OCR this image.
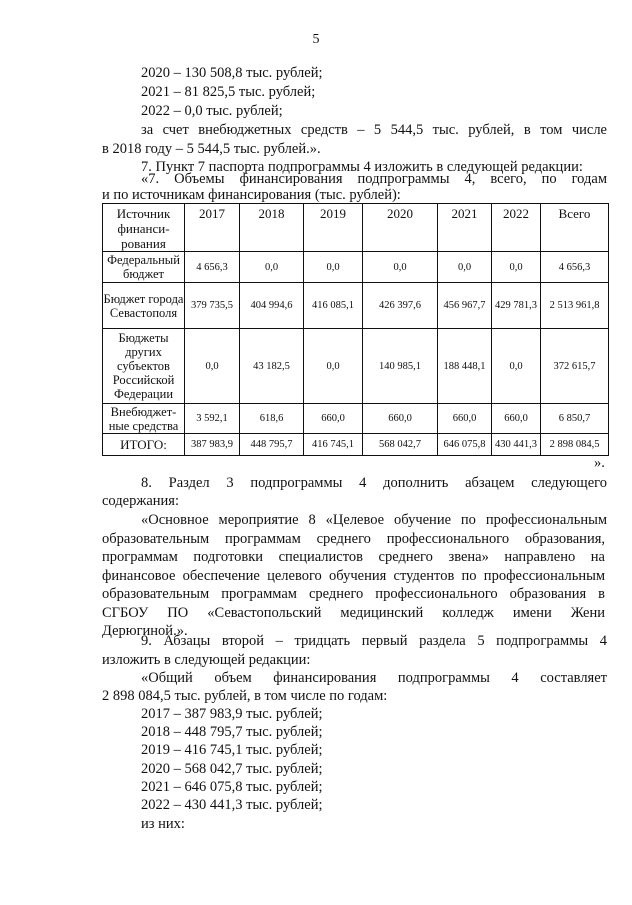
5
2020 – 130 508,8 тыс. рублей;
2021 – 81 825,5 тыс. рублей;
2022 – 0,0 тыс. рублей;
за счет внебюджетных средств – 5 544,5 тыс. рублей, в том числе
в 2018 году – 5 544,5 тыс. рублей.».
7. Пункт 7 паспорта подпрограммы 4 изложить в следующей редакции:
«7. Объемы финансирования подпрограммы 4, всего, по годам
и по источникам финансирования (тыс. рублей):
Источник финанси-рования	2017	2018	2019	2020	2021	2022	Всего
Федеральный бюджет	4 656,3	0,0	0,0	0,0	0,0	0,0	4 656,3
Бюджет города Севастополя	379 735,5	404 994,6	416 085,1	426 397,6	456 967,7	429 781,3	2 513 961,8
Бюджеты других субъектов Российской Федерации	0,0	43 182,5	0,0	140 985,1	188 448,1	0,0	372 615,7
Внебюджет-ные средства	3 592,1	618,6	660,0	660,0	660,0	660,0	6 850,7
ИТОГО:	387 983,9	448 795,7	416 745,1	568 042,7	646 075,8	430 441,3	2 898 084,5
».
8. Раздел 3 подпрограммы 4 дополнить абзацем следующего
содержания:
«Основное мероприятие 8 «Целевое обучение по профессиональным
образовательным программам среднего профессионального образования,
программам подготовки специалистов среднего звена» направлено на
финансовое обеспечение целевого обучения студентов по профессиональным
образовательным программам среднего профессионального образования в
СГБОУ ПО «Севастопольский медицинский колледж имени Жени
Дерюгиной.».
9. Абзацы второй – тридцать первый раздела 5 подпрограммы 4
изложить в следующей редакции:
«Общий объем финансирования подпрограммы 4 составляет
2 898 084,5 тыс. рублей, в том числе по годам:
2017 – 387 983,9 тыс. рублей;
2018 – 448 795,7 тыс. рублей;
2019 – 416 745,1 тыс. рублей;
2020 – 568 042,7 тыс. рублей;
2021 – 646 075,8 тыс. рублей;
2022 – 430 441,3 тыс. рублей;
из них:
